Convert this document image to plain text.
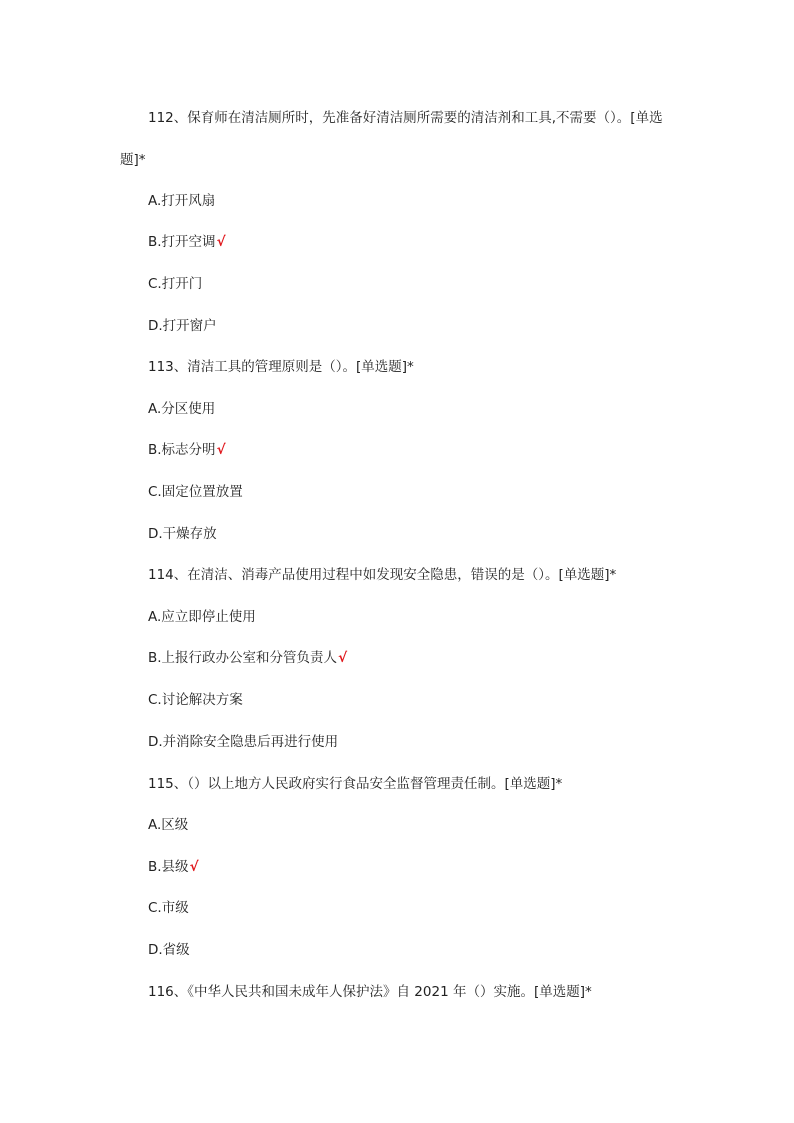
112、保育师在清洁厕所时，先准备好清洁厕所需要的清洁剂和工具,不需要（）。[单选
题]*
A.打开风扇
B.打开空调√
C.打开门
D.打开窗户
113、清洁工具的管理原则是（）。[单选题]*
A.分区使用
B.标志分明√
C.固定位置放置
D.干燥存放
114、在清洁、消毒产品使用过程中如发现安全隐患，错误的是（）。[单选题]*
A.应立即停止使用
B.上报行政办公室和分管负责人√
C.讨论解决方案
D.并消除安全隐患后再进行使用
115、（）以上地方人民政府实行食品安全监督管理责任制。[单选题]*
A.区级
B.县级√
C.市级
D.省级
116、《中华人民共和国未成年人保护法》自 2021 年（）实施。[单选题]*
